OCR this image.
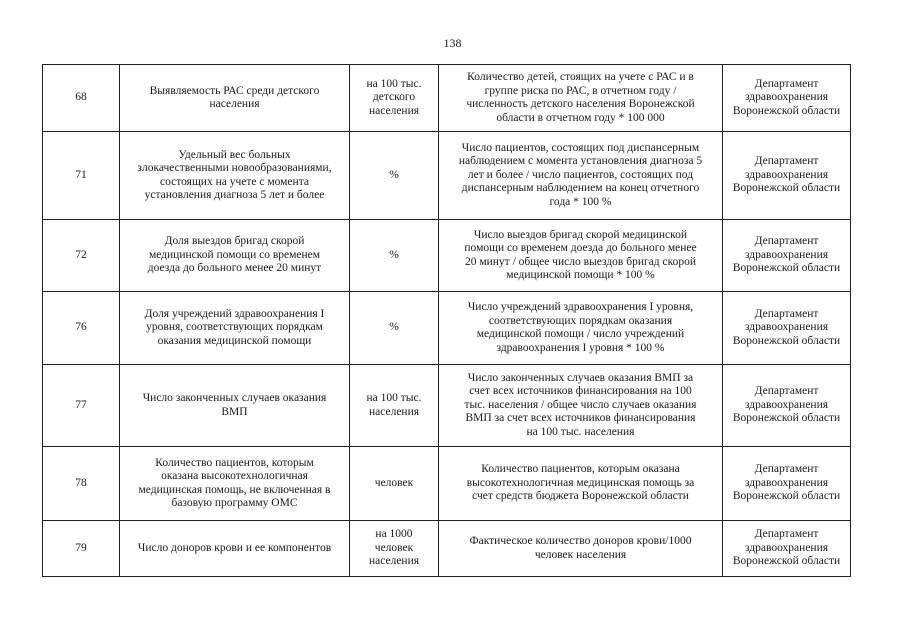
138
68	Выявляемость РАС среди детского
населения	на 100 тыс.
детского
населения	Количество детей, стоящих на учете с РАС и в
группе риска по РАС, в отчетном году /
численность детского населения Воронежской
области в отчетном году * 100 000	Департамент
здравоохранения
Воронежской области

71	Удельный вес больных
злокачественными новообразованиями,
состоящих на учете с момента
установления диагноза 5 лет и более	%	Число пациентов, состоящих под диспансерным
наблюдением с момента установления диагноза 5
лет и более / число пациентов, состоящих под
диспансерным наблюдением на конец отчетного
года * 100 %	Департамент
здравоохранения
Воронежской области

72	Доля выездов бригад скорой
медицинской помощи со временем
доезда до больного менее 20 минут	%	Число выездов бригад скорой медицинской
помощи со временем доезда до больного менее
20 минут / общее число выездов бригад скорой
медицинской помощи * 100 %	Департамент
здравоохранения
Воронежской области

76	Доля учреждений здравоохранения I
уровня, соответствующих порядкам
оказания медицинской помощи	%	Число учреждений здравоохранения I уровня,
соответствующих порядкам оказания
медицинской помощи / число учреждений
здравоохранения I уровня * 100 %	Департамент
здравоохранения
Воронежской области

77	Число законченных случаев оказания
ВМП	на 100 тыс.
населения	Число законченных случаев оказания ВМП за
счет всех источников финансирования на 100
тыс. населения / общее число случаев оказания
ВМП за счет всех источников финансирования
на 100 тыс. населения	Департамент
здравоохранения
Воронежской области

78	Количество пациентов, которым
оказана высокотехнологичная
медицинская помощь, не включенная в
базовую программу ОМС	человек	Количество пациентов, которым оказана
высокотехнологичная медицинская помощь за
счет средств бюджета Воронежской области	Департамент
здравоохранения
Воронежской области

79	Число доноров крови и ее компонентов	на 1000
человек
населения	Фактическое количество доноров крови/1000
человек населения	Департамент
здравоохранения
Воронежской области
